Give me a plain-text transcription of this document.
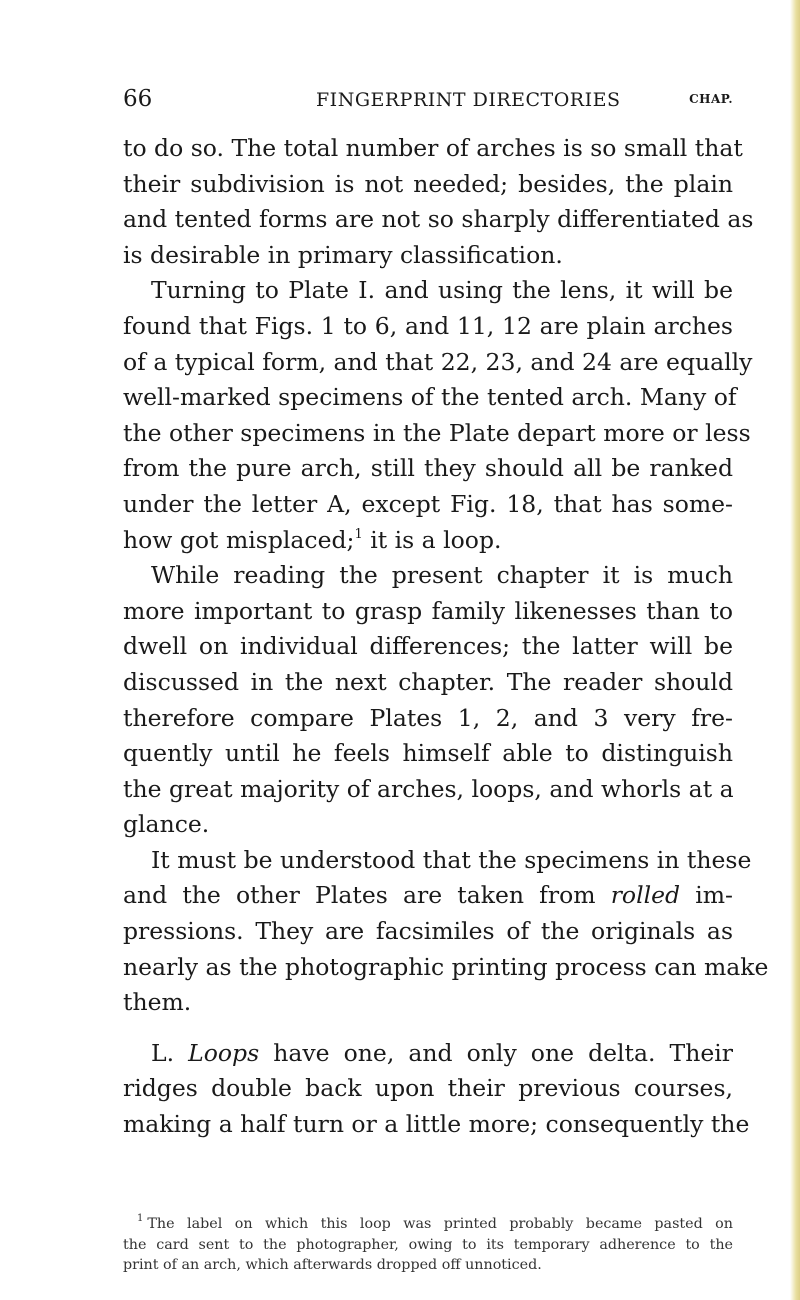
66	FINGERPRINT DIRECTORIES	CHAP.
to do so. The total number of arches is so small that
their subdivision is not needed; besides, the plain
and tented forms are not so sharply differentiated as
is desirable in primary classification.
Turning to Plate I. and using the lens, it will be
found that Figs. 1 to 6, and 11, 12 are plain arches
of a typical form, and that 22, 23, and 24 are equally
well-marked specimens of the tented arch. Many of
the other specimens in the Plate depart more or less
from the pure arch, still they should all be ranked
under the letter A, except Fig. 18, that has some-
how got misplaced;$^1$ it is a loop.
While reading the present chapter it is much
more important to grasp family likenesses than to
dwell on individual differences; the latter will be
discussed in the next chapter. The reader should
therefore compare Plates 1, 2, and 3 very fre-
quently until he feels himself able to distinguish
the great majority of arches, loops, and whorls at a
glance.
It must be understood that the specimens in these
and the other Plates are taken from rolled im-
pressions. They are facsimiles of the originals as
nearly as the photographic printing process can make
them.
L. Loops have one, and only one delta. Their
ridges double back upon their previous courses,
making a half turn or a little more; consequently the
$^1$ The label on which this loop was printed probably became pasted on
the card sent to the photographer, owing to its temporary adherence to the
print of an arch, which afterwards dropped off unnoticed.
